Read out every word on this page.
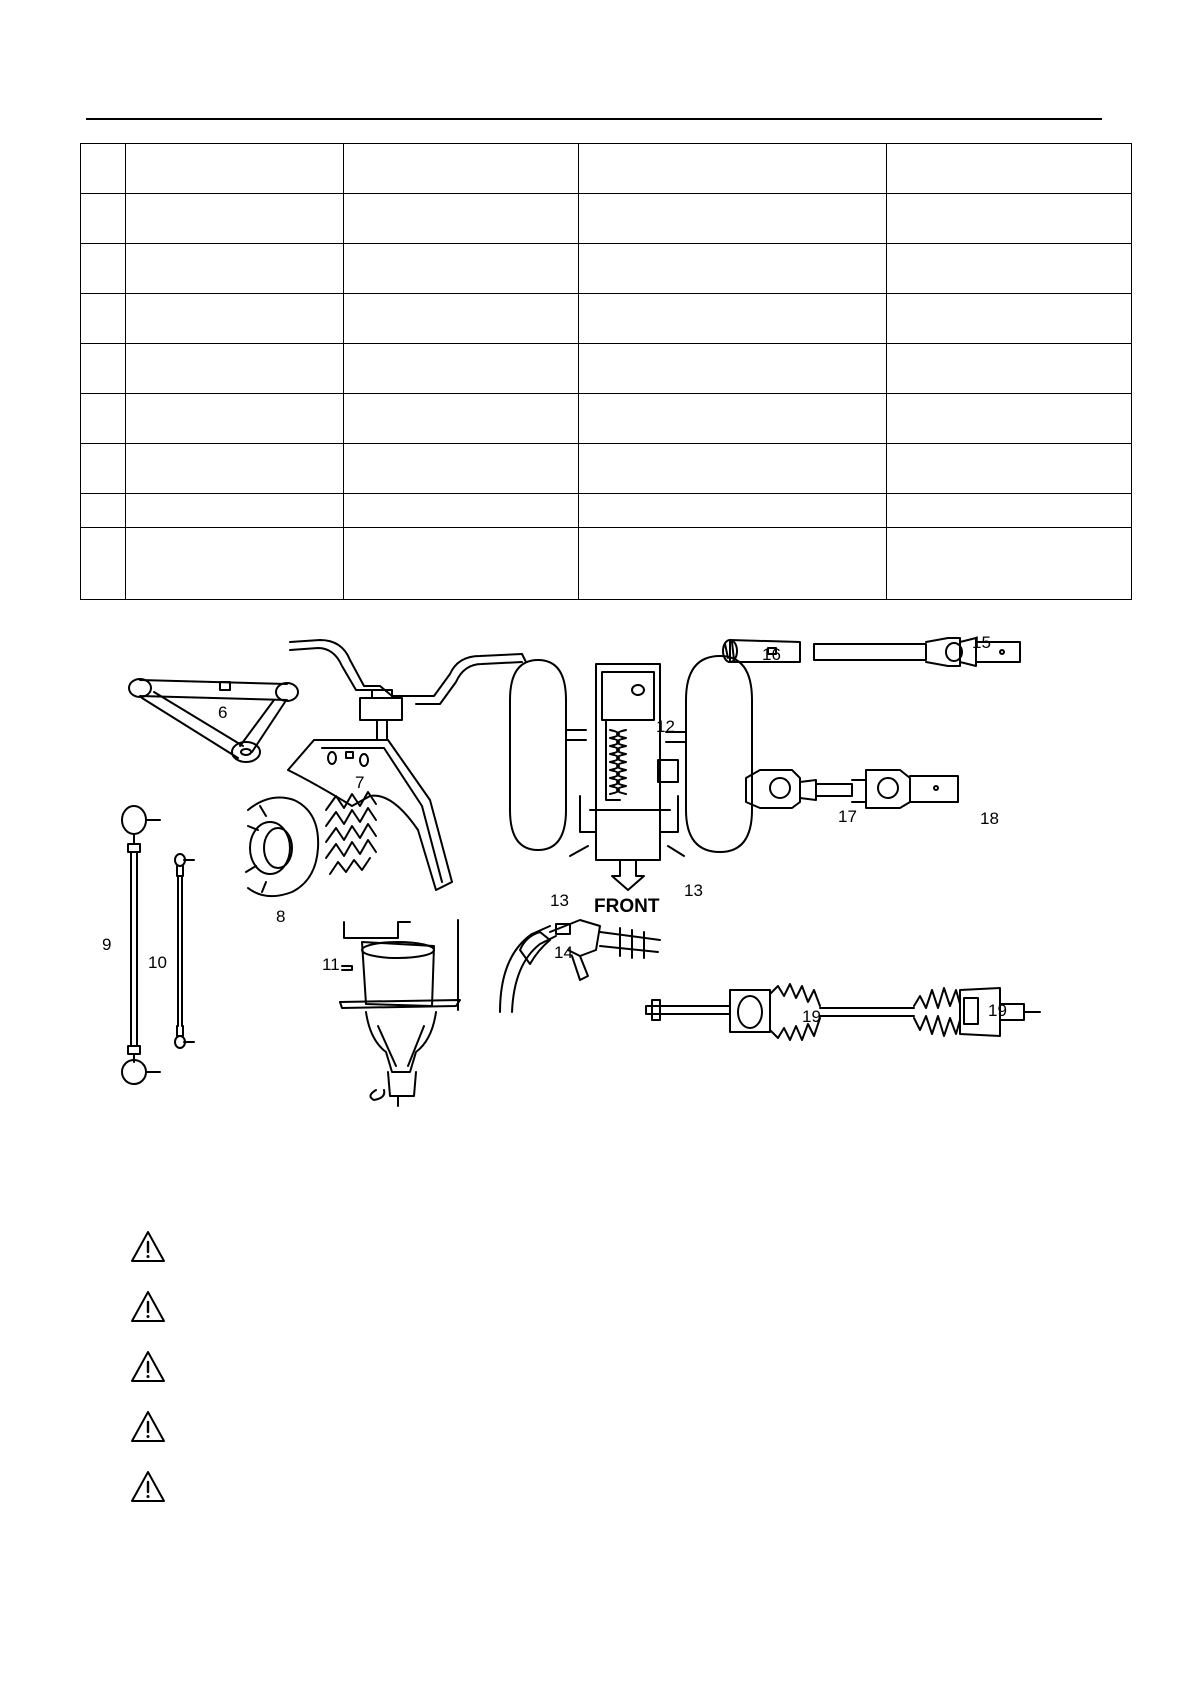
6
7
8
9
10	11
12
13
13
FRONT
14
15
16
17	18
19	19
